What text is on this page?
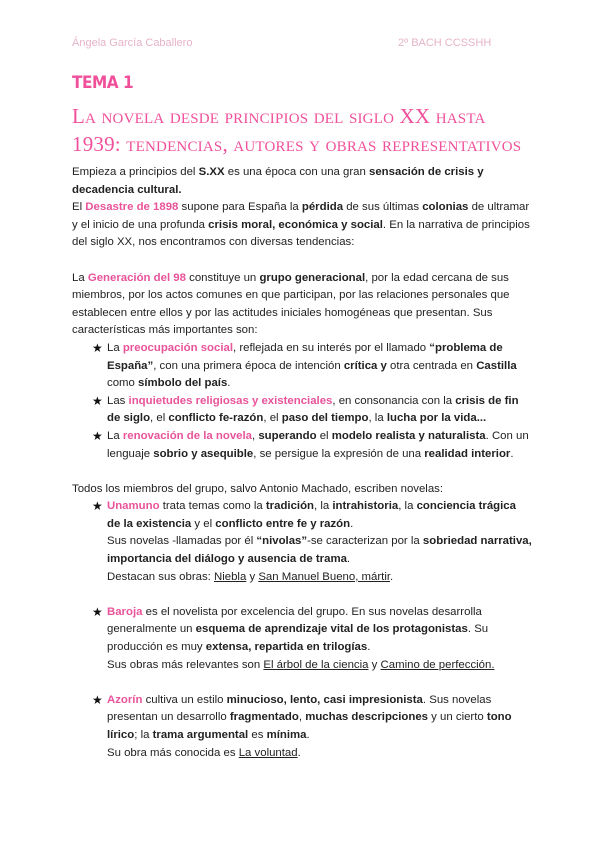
Ángela García Caballero	2º BACH CCSSHH
TEMA 1
La novela desde principios del siglo XX hasta 1939: tendencias, autores y obras representativos

Empieza a principios del S.XX es una época con una gran sensación de crisis y decadencia cultural.

El Desastre de 1898 supone para España la pérdida de sus últimas colonias de ultramar y el inicio de una profunda crisis moral, económica y social. En la narrativa de principios del siglo XX, nos encontramos con diversas tendencias:

La Generación del 98 constituye un grupo generacional, por la edad cercana de sus miembros, por los actos comunes en que participan, por las relaciones personales que establecen entre ellos y por las actitudes iniciales homogéneas que presentan. Sus características más importantes son:

★ La preocupación social, reflejada en su interés por el llamado “problema de España”, con una primera época de intención crítica y otra centrada en Castilla como símbolo del país.
★ Las inquietudes religiosas y existenciales, en consonancia con la crisis de fin de siglo, el conflicto fe-razón, el paso del tiempo, la lucha por la vida...
★ La renovación de la novela, superando el modelo realista y naturalista. Con un lenguaje sobrio y asequible, se persigue la expresión de una realidad interior.

Todos los miembros del grupo, salvo Antonio Machado, escriben novelas:

★ Unamuno trata temas como la tradición, la intrahistoria, la conciencia trágica de la existencia y el conflicto entre fe y razón.
Sus novelas -llamadas por él “nivolas”-se caracterizan por la sobriedad narrativa, importancia del diálogo y ausencia de trama.
Destacan sus obras: Niebla y San Manuel Bueno, mártir.
★ Baroja es el novelista por excelencia del grupo. En sus novelas desarrolla generalmente un esquema de aprendizaje vital de los protagonistas. Su producción es muy extensa, repartida en trilogías.
Sus obras más relevantes son El árbol de la ciencia y Camino de perfección.
★ Azorín cultiva un estilo minucioso, lento, casi impresionista. Sus novelas presentan un desarrollo fragmentado, muchas descripciones y un cierto tono lírico; la trama argumental es mínima.
Su obra más conocida es La voluntad.
